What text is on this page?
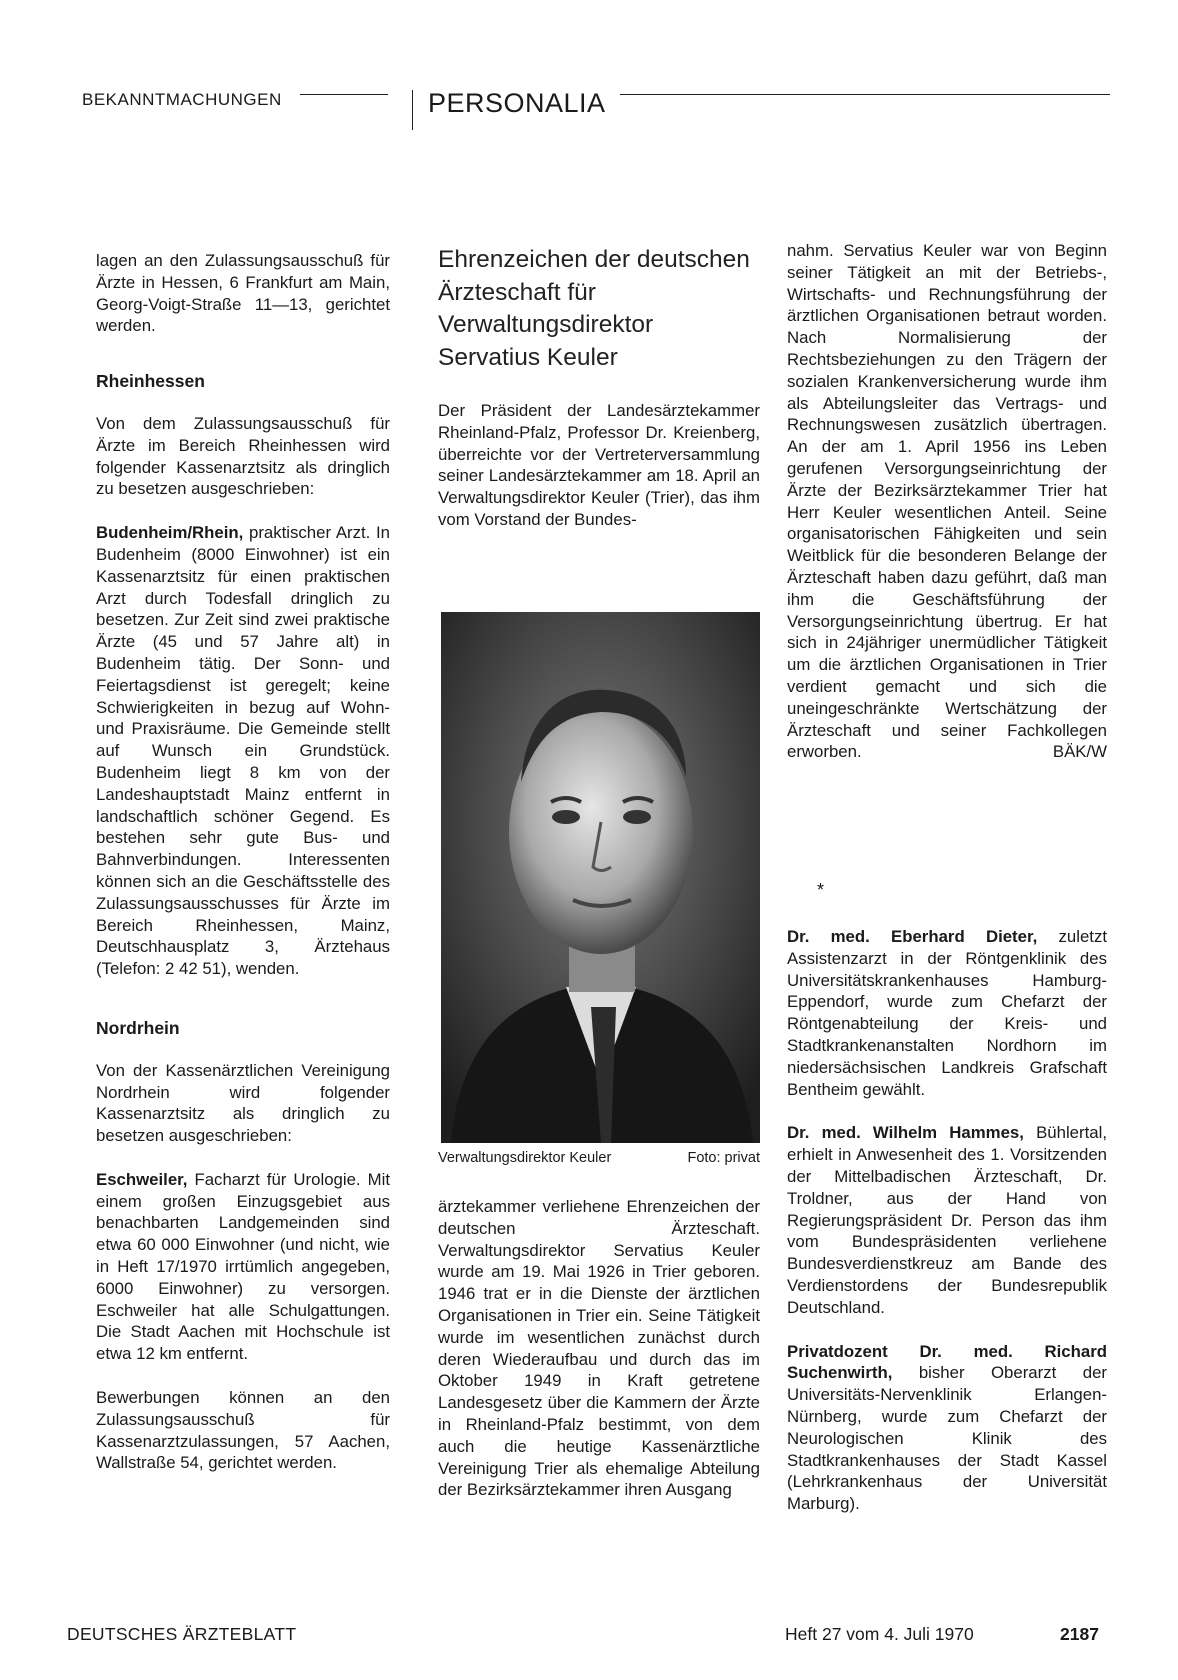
BEKANNTMACHUNGEN	PERSONALIA

lagen an den Zulassungsausschuß für Ärzte in Hessen, 6 Frankfurt am Main, Georg-Voigt-Straße 11—13, gerichtet werden.

Rheinhessen

Von dem Zulassungsausschuß für Ärzte im Bereich Rheinhessen wird folgender Kassenarztsitz als dringlich zu besetzen ausgeschrieben:

Budenheim/Rhein, praktischer Arzt. In Budenheim (8000 Einwohner) ist ein Kassenarztsitz für einen praktischen Arzt durch Todesfall dringlich zu besetzen. Zur Zeit sind zwei praktische Ärzte (45 und 57 Jahre alt) in Budenheim tätig. Der Sonn- und Feiertagsdienst ist geregelt; keine Schwierigkeiten in bezug auf Wohn- und Praxisräume. Die Gemeinde stellt auf Wunsch ein Grundstück. Budenheim liegt 8 km von der Landeshauptstadt Mainz entfernt in landschaftlich schöner Gegend. Es bestehen sehr gute Bus- und Bahnverbindungen. Interessenten können sich an die Geschäftsstelle des Zulassungsausschusses für Ärzte im Bereich Rheinhessen, Mainz, Deutschhausplatz 3, Ärztehaus (Telefon: 2 42 51), wenden.

Nordrhein

Von der Kassenärztlichen Vereinigung Nordrhein wird folgender Kassenarztsitz als dringlich zu besetzen ausgeschrieben:

Eschweiler, Facharzt für Urologie. Mit einem großen Einzugsgebiet aus benachbarten Landgemeinden sind etwa 60 000 Einwohner (und nicht, wie in Heft 17/1970 irrtümlich angegeben, 6000 Einwohner) zu versorgen. Eschweiler hat alle Schulgattungen. Die Stadt Aachen mit Hochschule ist etwa 12 km entfernt.

Bewerbungen können an den Zulassungsausschuß für Kassenarztzulassungen, 57 Aachen, Wallstraße 54, gerichtet werden.

Ehrenzeichen der deutschen Ärzteschaft für Verwaltungsdirektor Servatius Keuler

Der Präsident der Landesärztekammer Rheinland-Pfalz, Professor Dr. Kreienberg, überreichte vor der Vertreterversammlung seiner Landesärztekammer am 18. April an Verwaltungsdirektor Keuler (Trier), das ihm vom Vorstand der Bundes-

Verwaltungsdirektor Keuler	Foto: privat

ärztekammer verliehene Ehrenzeichen der deutschen Ärzteschaft. Verwaltungsdirektor Servatius Keuler wurde am 19. Mai 1926 in Trier geboren. 1946 trat er in die Dienste der ärztlichen Organisationen in Trier ein. Seine Tätigkeit wurde im wesentlichen zunächst durch deren Wiederaufbau und durch das im Oktober 1949 in Kraft getretene Landesgesetz über die Kammern der Ärzte in Rheinland-Pfalz bestimmt, von dem auch die heutige Kassenärztliche Vereinigung Trier als ehemalige Abteilung der Bezirksärztekammer ihren Ausgang

nahm. Servatius Keuler war von Beginn seiner Tätigkeit an mit der Betriebs-, Wirtschafts- und Rechnungsführung der ärztlichen Organisationen betraut worden. Nach Normalisierung der Rechtsbeziehungen zu den Trägern der sozialen Krankenversicherung wurde ihm als Abteilungsleiter das Vertrags- und Rechnungswesen zusätzlich übertragen. An der am 1. April 1956 ins Leben gerufenen Versorgungseinrichtung der Ärzte der Bezirksärztekammer Trier hat Herr Keuler wesentlichen Anteil. Seine organisatorischen Fähigkeiten und sein Weitblick für die besonderen Belange der Ärzteschaft haben dazu geführt, daß man ihm die Geschäftsführung der Versorgungseinrichtung übertrug. Er hat sich in 24jähriger unermüdlicher Tätigkeit um die ärztlichen Organisationen in Trier verdient gemacht und sich die uneingeschränkte Wertschätzung der Ärzteschaft und seiner Fachkollegen erworben.	BÄK/W

*

Dr. med. Eberhard Dieter, zuletzt Assistenzarzt in der Röntgenklinik des Universitätskrankenhauses Hamburg-Eppendorf, wurde zum Chefarzt der Röntgenabteilung der Kreis- und Stadtkrankenanstalten Nordhorn im niedersächsischen Landkreis Grafschaft Bentheim gewählt.

Dr. med. Wilhelm Hammes, Bühlertal, erhielt in Anwesenheit des 1. Vorsitzenden der Mittelbadischen Ärzteschaft, Dr. Troldner, aus der Hand von Regierungspräsident Dr. Person das ihm vom Bundespräsidenten verliehene Bundesverdienstkreuz am Bande des Verdienstordens der Bundesrepublik Deutschland.

Privatdozent Dr. med. Richard Suchenwirth, bisher Oberarzt der Universitäts-Nervenklinik Erlangen-Nürnberg, wurde zum Chefarzt der Neurologischen Klinik des Stadtkrankenhauses der Stadt Kassel (Lehrkrankenhaus der Universität Marburg).

DEUTSCHES ÄRZTEBLATT	Heft 27 vom 4. Juli 1970	2187
